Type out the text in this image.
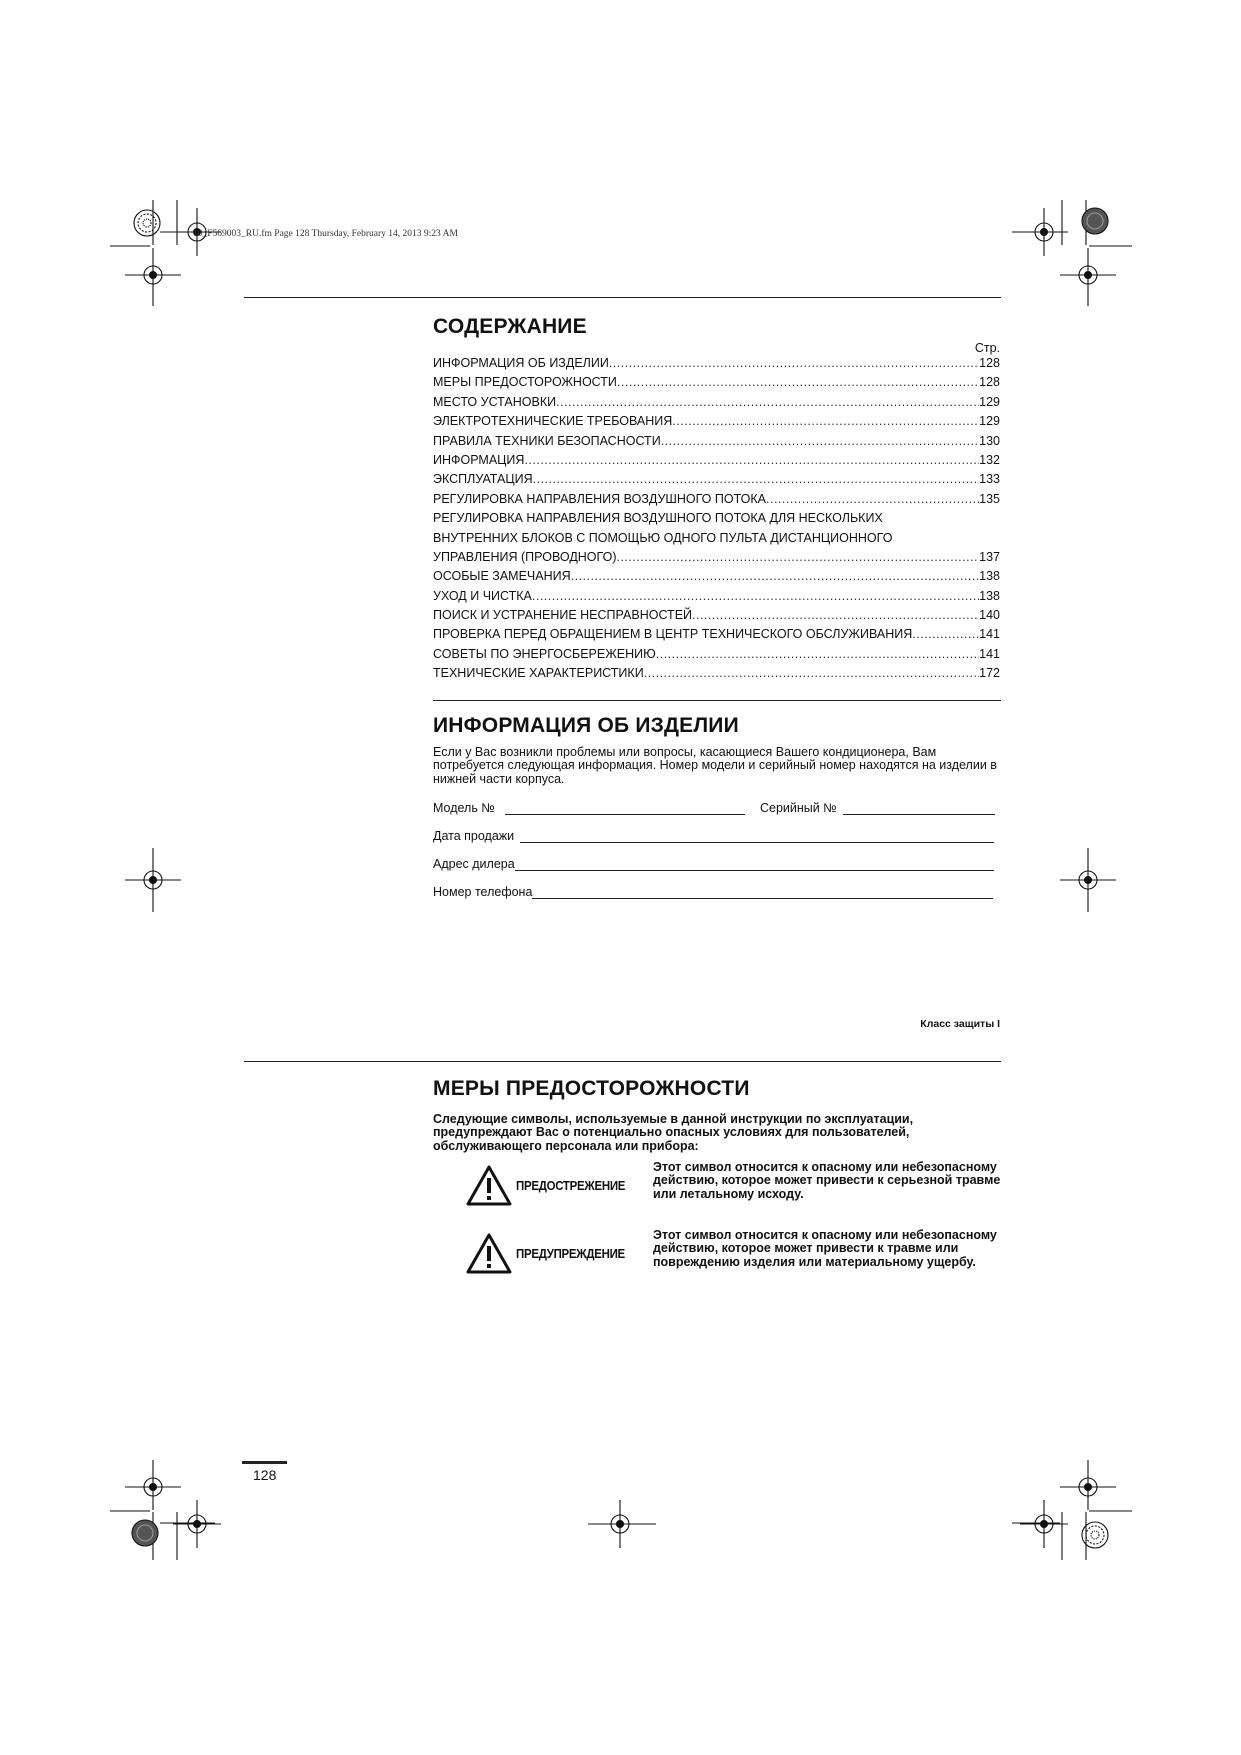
10_F569003_RU.fm Page 128 Thursday, February 14, 2013 9:23 AM
СОДЕРЖАНИЕ
Стр.
ИНФОРМАЦИЯ ОБ ИЗДЕЛИИ .....	128
МЕРЫ ПРЕДОСТОРОЖНОСТИ .....	128
МЕСТО УСТАНОВКИ .....	129
ЭЛЕКТРОТЕХНИЧЕСКИЕ ТРЕБОВАНИЯ .....	129
ПРАВИЛА ТЕХНИКИ БЕЗОПАСНОСТИ .....	130
ИНФОРМАЦИЯ .....	132
ЭКСПЛУАТАЦИЯ .....	133
РЕГУЛИРОВКА НАПРАВЛЕНИЯ ВОЗДУШНОГО ПОТОКА .....	135
РЕГУЛИРОВКА НАПРАВЛЕНИЯ ВОЗДУШНОГО ПОТОКА ДЛЯ НЕСКОЛЬКИХ
ВНУТРЕННИХ БЛОКОВ С ПОМОЩЬЮ ОДНОГО ПУЛЬТА ДИСТАНЦИОННОГО
УПРАВЛЕНИЯ (ПРОВОДНОГО) .....	137
ОСОБЫЕ ЗАМЕЧАНИЯ .....	138
УХОД И ЧИСТКА .....	138
ПОИСК И УСТРАНЕНИЕ НЕСПРАВНОСТЕЙ .....	140
ПРОВЕРКА ПЕРЕД ОБРАЩЕНИЕМ В ЦЕНТР ТЕХНИЧЕСКОГО ОБСЛУЖИВАНИЯ .....	141
СОВЕТЫ ПО ЭНЕРГОСБЕРЕЖЕНИЮ .....	141
ТЕХНИЧЕСКИЕ ХАРАКТЕРИСТИКИ .....	172
ИНФОРМАЦИЯ ОБ ИЗДЕЛИИ
Если у Вас возникли проблемы или вопросы, касающиеся Вашего кондиционера, Вам потребуется следующая информация. Номер модели и серийный номер находятся на изделии в нижней части корпуса.
Модель №	Серийный №
Дата продажи
Адрес дилера
Номер телефона
Класс защиты I
МЕРЫ ПРЕДОСТОРОЖНОСТИ
Следующие символы, используемые в данной инструкции по эксплуатации, предупреждают Вас о потенциально опасных условиях для пользователей, обслуживающего персонала или прибора:
ПРЕДОСТРЕЖЕНИЕ
Этот символ относится к опасному или небезопасному действию, которое может привести к серьезной травме или летальному исходу.
ПРЕДУПРЕЖДЕНИЕ
Этот символ относится к опасному или небезопасному действию, которое может привести к травме или повреждению изделия или материальному ущербу.
128
